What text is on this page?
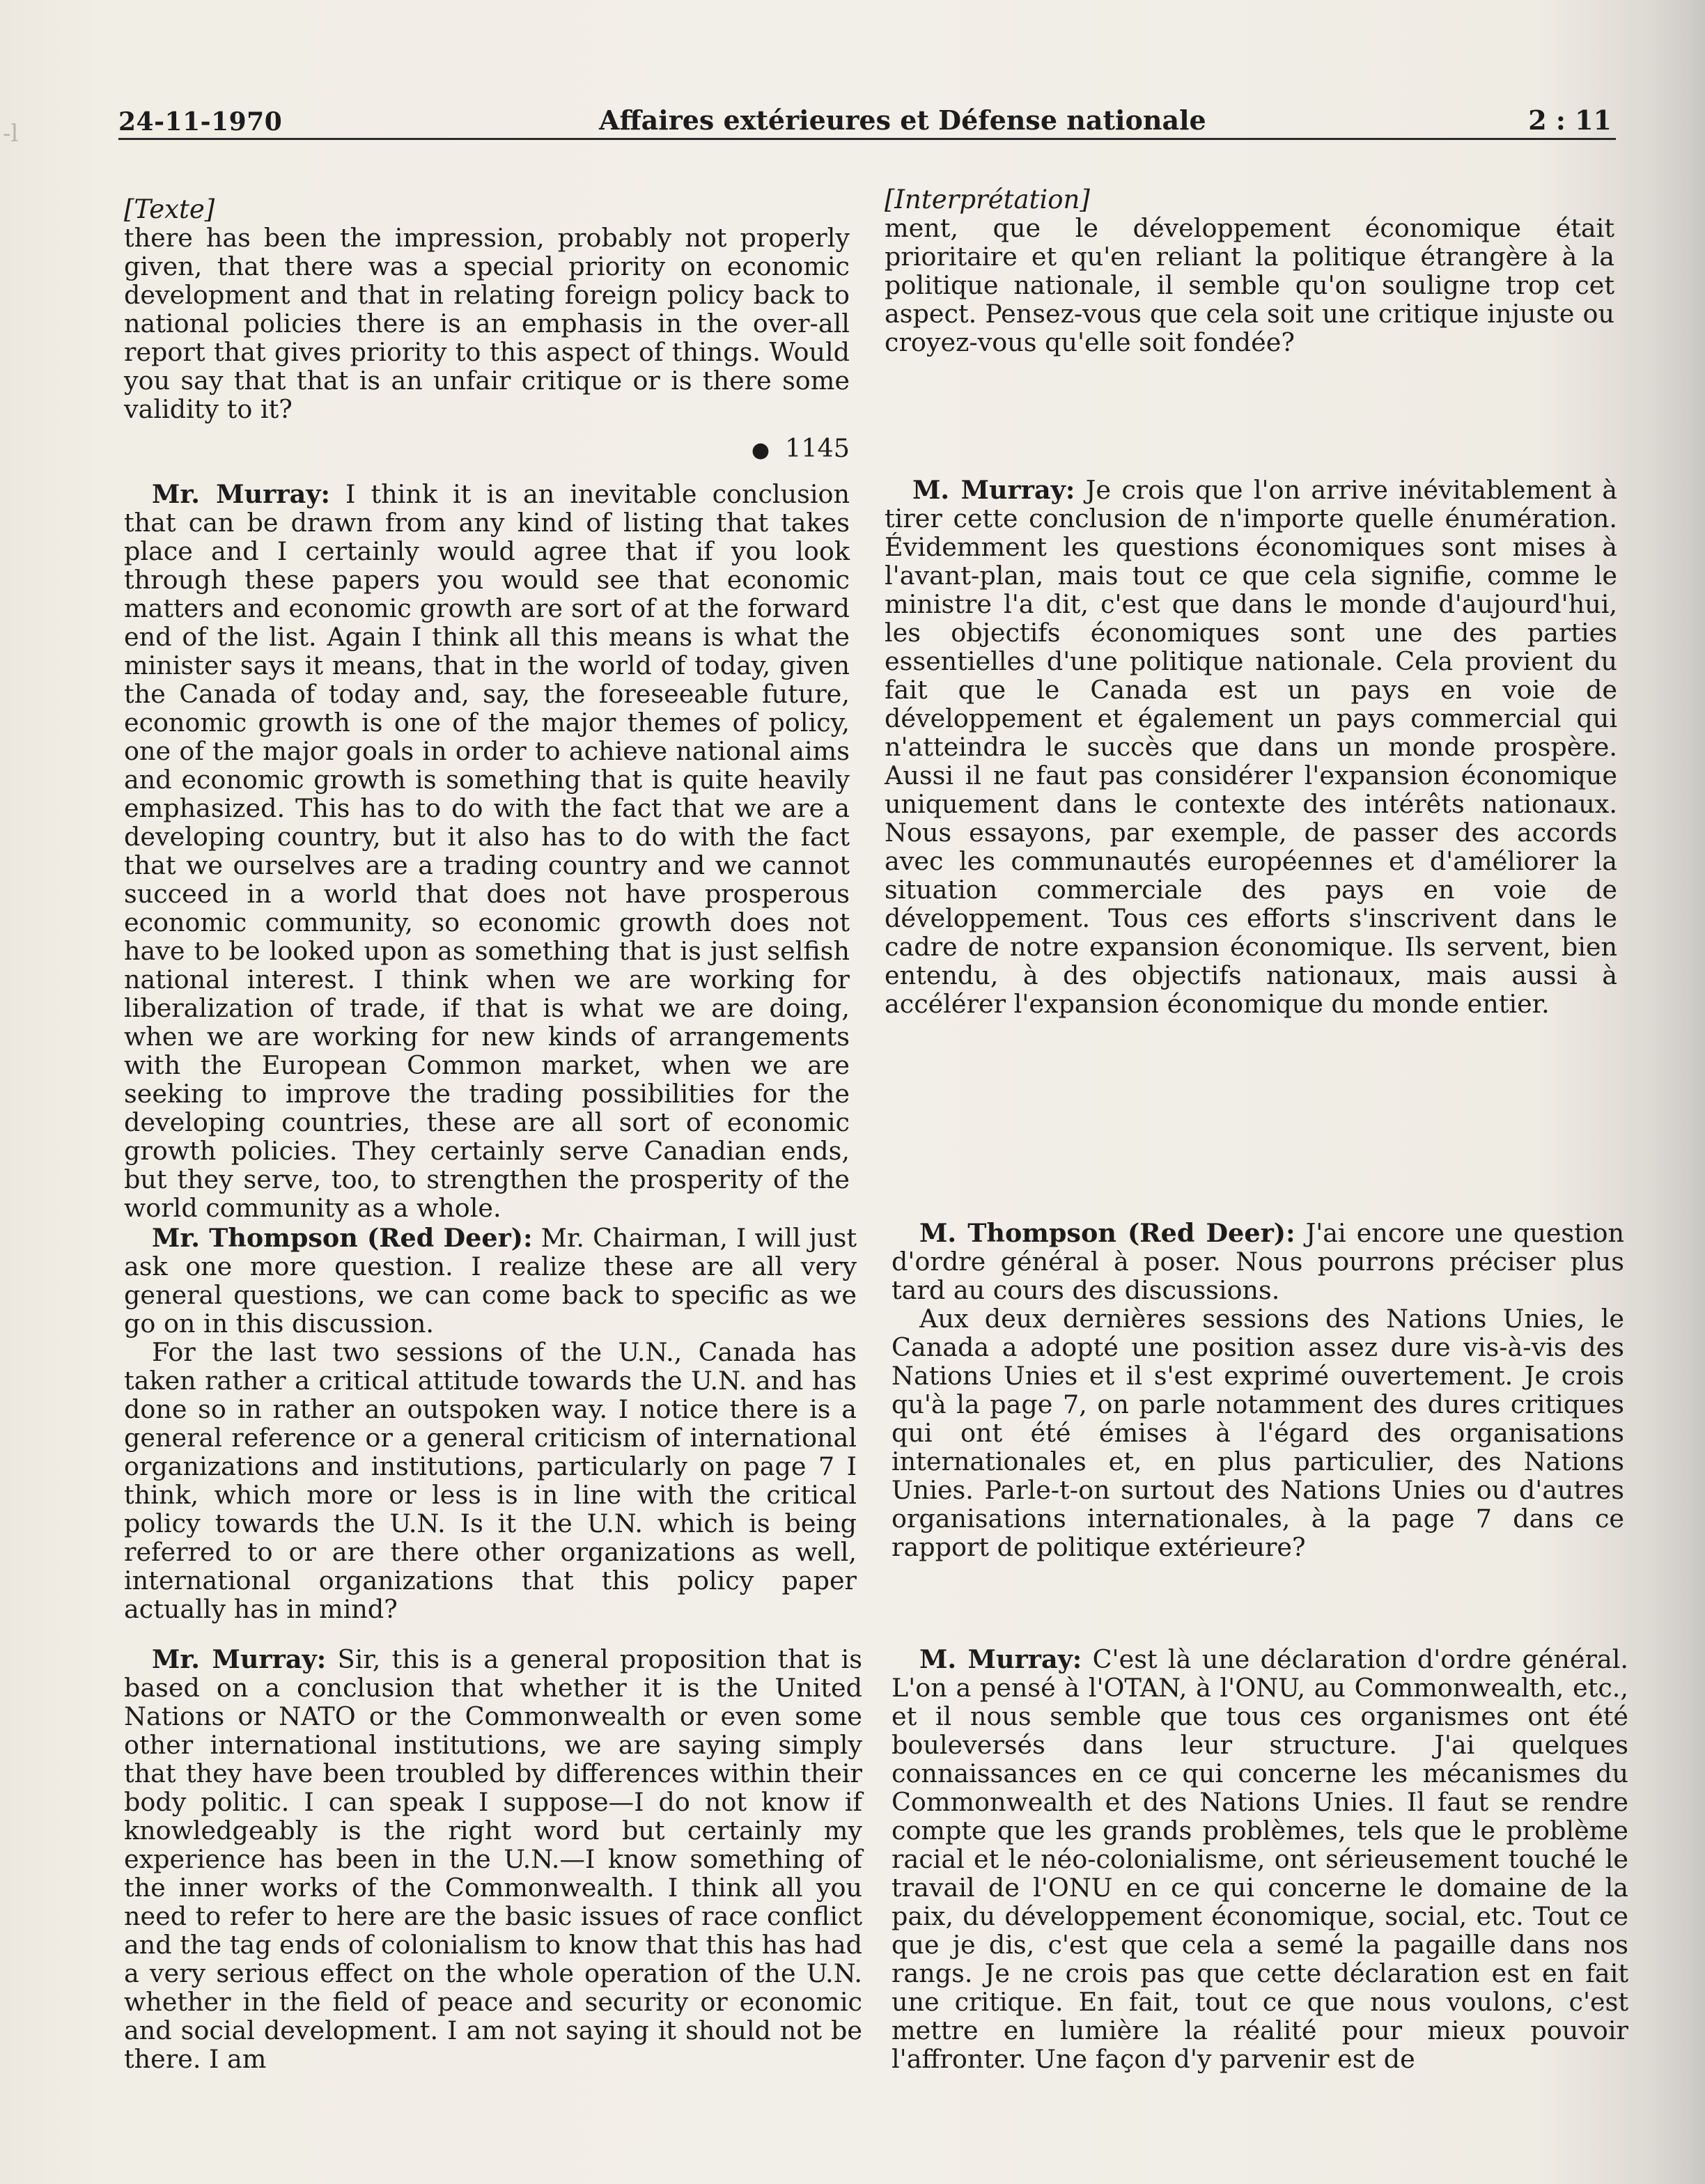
-l	24-11-1970	Affaires extérieures et Défense nationale	2 : 11

[Texte]

there has been the impression, probably not properly given, that there was a special priority on economic development and that in relating foreign policy back to national policies there is an emphasis in the over-all report that gives priority to this aspect of things. Would you say that that is an unfair critique or is there some validity to it?

● 1145

Mr. Murray: I think it is an inevitable conclusion that can be drawn from any kind of listing that takes place and I certainly would agree that if you look through these papers you would see that economic matters and economic growth are sort of at the forward end of the list. Again I think all this means is what the minister says it means, that in the world of today, given the Canada of today and, say, the foreseeable future, economic growth is one of the major themes of policy, one of the major goals in order to achieve national aims and economic growth is something that is quite heavily emphasized. This has to do with the fact that we are a developing country, but it also has to do with the fact that we ourselves are a trading country and we cannot succeed in a world that does not have prosperous economic community, so economic growth does not have to be looked upon as something that is just selfish national interest. I think when we are working for liberalization of trade, if that is what we are doing, when we are working for new kinds of arrangements with the European Common market, when we are seeking to improve the trading possibilities for the developing countries, these are all sort of economic growth policies. They certainly serve Canadian ends, but they serve, too, to strengthen the prosperity of the world community as a whole.

Mr. Thompson (Red Deer): Mr. Chairman, I will just ask one more question. I realize these are all very general questions, we can come back to specific as we go on in this discussion.

For the last two sessions of the U.N., Canada has taken rather a critical attitude towards the U.N. and has done so in rather an outspoken way. I notice there is a general reference or a general criticism of international organizations and institutions, particularly on page 7 I think, which more or less is in line with the critical policy towards the U.N. Is it the U.N. which is being referred to or are there other organizations as well, international organizations that this policy paper actually has in mind?

Mr. Murray: Sir, this is a general proposition that is based on a conclusion that whether it is the United Nations or NATO or the Commonwealth or even some other international institutions, we are saying simply that they have been troubled by differences within their body politic. I can speak I suppose—I do not know if knowledgeably is the right word but certainly my experience has been in the U.N.—I know something of the inner works of the Commonwealth. I think all you need to refer to here are the basic issues of race conflict and the tag ends of colonialism to know that this has had a very serious effect on the whole operation of the U.N. whether in the field of peace and security or economic and social development. I am not saying it should not be there. I am

[Interprétation]

ment, que le développement économique était prioritaire et qu'en reliant la politique étrangère à la politique nationale, il semble qu'on souligne trop cet aspect. Pensez-vous que cela soit une critique injuste ou croyez-vous qu'elle soit fondée?

M. Murray: Je crois que l'on arrive inévitablement à tirer cette conclusion de n'importe quelle énumération. Évidemment les questions économiques sont mises à l'avant-plan, mais tout ce que cela signifie, comme le ministre l'a dit, c'est que dans le monde d'aujourd'hui, les objectifs économiques sont une des parties essentielles d'une politique nationale. Cela provient du fait que le Canada est un pays en voie de développement et également un pays commercial qui n'atteindra le succès que dans un monde prospère. Aussi il ne faut pas considérer l'expansion économique uniquement dans le contexte des intérêts nationaux. Nous essayons, par exemple, de passer des accords avec les communautés européennes et d'améliorer la situation commerciale des pays en voie de développement. Tous ces efforts s'inscrivent dans le cadre de notre expansion économique. Ils servent, bien entendu, à des objectifs nationaux, mais aussi à accélérer l'expansion économique du monde entier.

M. Thompson (Red Deer): J'ai encore une question d'ordre général à poser. Nous pourrons préciser plus tard au cours des discussions.

Aux deux dernières sessions des Nations Unies, le Canada a adopté une position assez dure vis-à-vis des Nations Unies et il s'est exprimé ouvertement. Je crois qu'à la page 7, on parle notamment des dures critiques qui ont été émises à l'égard des organisations internationales et, en plus particulier, des Nations Unies. Parle-t-on surtout des Nations Unies ou d'autres organisations internationales, à la page 7 dans ce rapport de politique extérieure?

M. Murray: C'est là une déclaration d'ordre général. L'on a pensé à l'OTAN, à l'ONU, au Commonwealth, etc., et il nous semble que tous ces organismes ont été bouleversés dans leur structure. J'ai quelques connaissances en ce qui concerne les mécanismes du Commonwealth et des Nations Unies. Il faut se rendre compte que les grands problèmes, tels que le problème racial et le néo-colonialisme, ont sérieusement touché le travail de l'ONU en ce qui concerne le domaine de la paix, du développement économique, social, etc. Tout ce que je dis, c'est que cela a semé la pagaille dans nos rangs. Je ne crois pas que cette déclaration est en fait une critique. En fait, tout ce que nous voulons, c'est mettre en lumière la réalité pour mieux pouvoir l'affronter. Une façon d'y parvenir est de
